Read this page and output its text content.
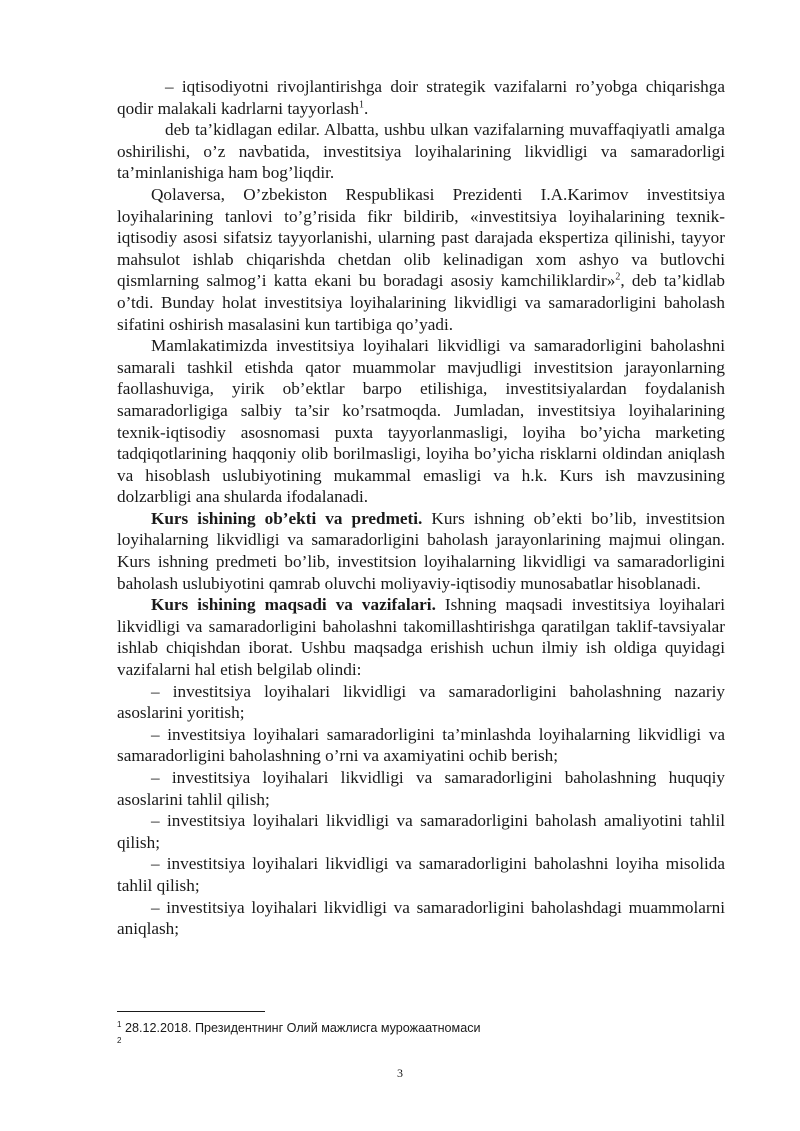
– iqtisodiyotni rivojlantirishga doir strategik vazifalarni ro’yobga chiqarishga qodir malakali kadrlarni tayyorlash$^1$.

deb ta’kidlagan edilar. Albatta, ushbu ulkan vazifalarning muvaffaqiyatli amalga oshirilishi, o’z navbatida, investitsiya loyihalarining likvidligi va samaradorligi ta’minlanishiga ham bog’liqdir.

Qolaversa, O’zbekiston Respublikasi Prezidenti I.A.Karimov investitsiya loyihalarining tanlovi to’g’risida fikr bildirib, «investitsiya loyihalarining texnik-iqtisodiy asosi sifatsiz tayyorlanishi, ularning past darajada ekspertiza qilinishi, tayyor mahsulot ishlab chiqarishda chetdan olib kelinadigan xom ashyo va butlovchi qismlarning salmog’i katta ekani bu boradagi asosiy kamchiliklardir»$^2$, deb ta’kidlab o’tdi. Bunday holat investitsiya loyihalarining likvidligi va samaradorligini baholash sifatini oshirish masalasini kun tartibiga qo’yadi.

Mamlakatimizda investitsiya loyihalari likvidligi va samaradorligini baholashni samarali tashkil etishda qator muammolar mavjudligi investitsion jarayonlarning faollashuviga, yirik ob’ektlar barpo etilishiga, investitsiyalardan foydalanish samaradorligiga salbiy ta’sir ko’rsatmoqda. Jumladan, investitsiya loyihalarining texnik-iqtisodiy asosnomasi puxta tayyorlanmasligi, loyiha bo’yicha marketing tadqiqotlarining haqqoniy olib borilmasligi, loyiha bo’yicha risklarni oldindan aniqlash va hisoblash uslubiyotining mukammal emasligi va h.k. Kurs ish mavzusining dolzarbligi ana shularda ifodalanadi.

Kurs ishining ob’ekti va predmeti. Kurs ishning ob’ekti bo’lib, investitsion loyihalarning likvidligi va samaradorligini baholash jarayonlarining majmui olingan. Kurs ishning predmeti bo’lib, investitsion loyihalarning likvidligi va samaradorligini baholash uslubiyotini qamrab oluvchi moliyaviy-iqtisodiy munosabatlar hisoblanadi.

Kurs ishining maqsadi va vazifalari. Ishning maqsadi investitsiya loyihalari likvidligi va samaradorligini baholashni takomillashtirishga qaratilgan taklif-tavsiyalar ishlab chiqishdan iborat. Ushbu maqsadga erishish uchun ilmiy ish oldiga quyidagi vazifalarni hal etish belgilab olindi:

– investitsiya loyihalari likvidligi va samaradorligini baholashning nazariy asoslarini yoritish;

– investitsiya loyihalari samaradorligini ta’minlashda loyihalarning likvidligi va samaradorligini baholashning o’rni va axamiyatini ochib berish;

– investitsiya loyihalari likvidligi va samaradorligini baholashning huquqiy asoslarini tahlil qilish;

– investitsiya loyihalari likvidligi va samaradorligini baholash amaliyotini tahlil qilish;

– investitsiya loyihalari likvidligi va samaradorligini baholashni loyiha misolida tahlil qilish;

– investitsiya loyihalari likvidligi va samaradorligini baholashdagi muammolarni aniqlash;

$^1$ 28.12.2018. Президентнинг Олий мажлисга мурожаатномаси
2
3
